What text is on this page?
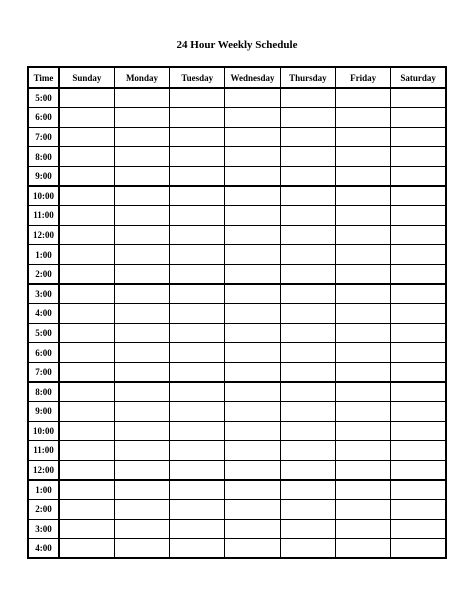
24 Hour Weekly Schedule
Time	Sunday	Monday	Tuesday	Wednesday	Thursday	Friday	Saturday
5:00							
6:00							
7:00							
8:00							
9:00							
10:00							
11:00							
12:00							
1:00							
2:00							
3:00							
4:00							
5:00							
6:00							
7:00							
8:00							
9:00							
10:00							
11:00							
12:00							
1:00							
2:00							
3:00							
4:00							
